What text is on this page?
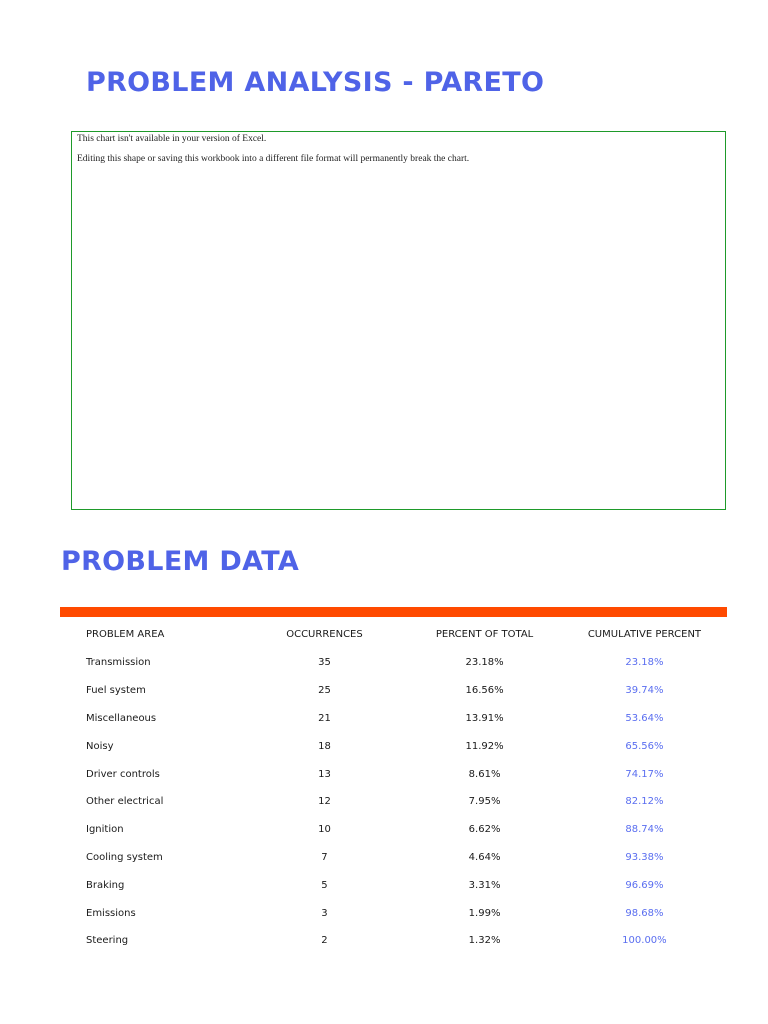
PROBLEM ANALYSIS - PARETO

This chart isn't available in your version of Excel.

Editing this shape or saving this workbook into a different file format will permanently break the chart.

PROBLEM DATA
PROBLEM AREA	OCCURRENCES	PERCENT OF TOTAL	CUMULATIVE PERCENT
Transmission	35	23.18%	23.18%
Fuel system	25	16.56%	39.74%
Miscellaneous	21	13.91%	53.64%
Noisy	18	11.92%	65.56%
Driver controls	13	8.61%	74.17%
Other electrical	12	7.95%	82.12%
Ignition	10	6.62%	88.74%
Cooling system	7	4.64%	93.38%
Braking	5	3.31%	96.69%
Emissions	3	1.99%	98.68%
Steering	2	1.32%	100.00%
